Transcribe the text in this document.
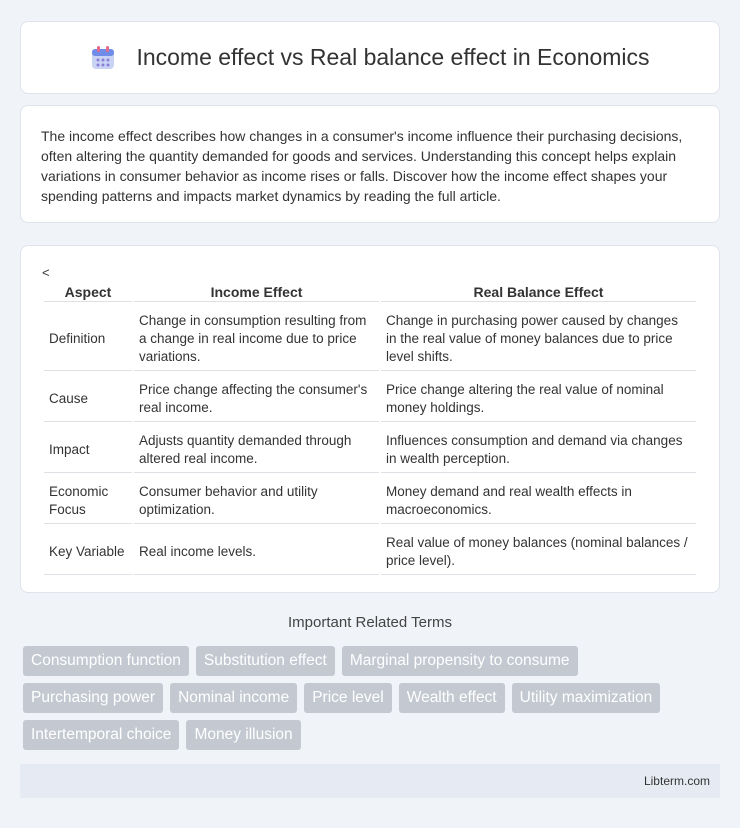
Income effect vs Real balance effect in Economics

The income effect describes how changes in a consumer's income influence their purchasing decisions, often altering the quantity demanded for goods and services. Understanding this concept helps explain variations in consumer behavior as income rises or falls. Discover how the income effect shapes your spending patterns and impacts market dynamics by reading the full article.

<
Aspect	Income Effect	Real Balance Effect
Definition	Change in consumption resulting from a change in real income due to price variations.	Change in purchasing power caused by changes in the real value of money balances due to price level shifts.
Cause	Price change affecting the consumer's real income.	Price change altering the real value of nominal money holdings.
Impact	Adjusts quantity demanded through altered real income.	Influences consumption and demand via changes in wealth perception.
Economic Focus	Consumer behavior and utility optimization.	Money demand and real wealth effects in macroeconomics.
Key Variable	Real income levels.	Real value of money balances (nominal balances / price level).
Important Related Terms
Consumption function	Substitution effect	Marginal propensity to consume
Purchasing power	Nominal income	Price level	Wealth effect	Utility maximization
Intertemporal choice	Money illusion
Libterm.com
